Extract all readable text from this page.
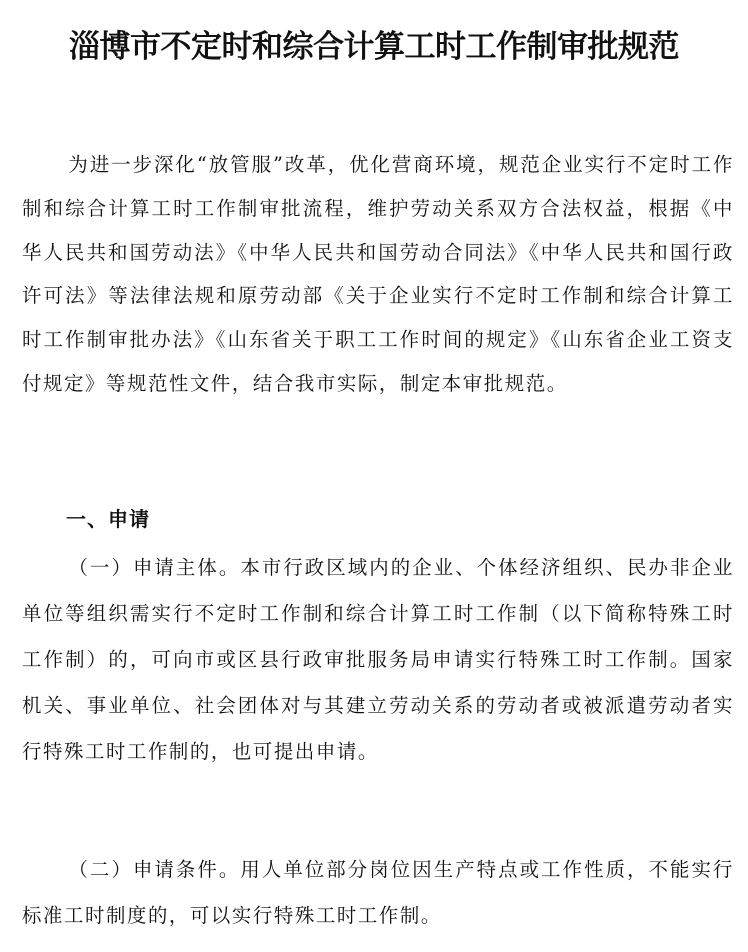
淄博市不定时和综合计算工时工作制审批规范

为进一步深化“放管服”改革，优化营商环境，规范企业实行不定时工作制和综合计算工时工作制审批流程，维护劳动关系双方合法权益，根据《中华人民共和国劳动法》《中华人民共和国劳动合同法》《中华人民共和国行政许可法》等法律法规和原劳动部《关于企业实行不定时工作制和综合计算工时工作制审批办法》《山东省关于职工工作时间的规定》《山东省企业工资支付规定》等规范性文件，结合我市实际，制定本审批规范。

一、申请

（一）申请主体。本市行政区域内的企业、个体经济组织、民办非企业单位等组织需实行不定时工作制和综合计算工时工作制（以下简称特殊工时工作制）的，可向市或区县行政审批服务局申请实行特殊工时工作制。国家机关、事业单位、社会团体对与其建立劳动关系的劳动者或被派遣劳动者实行特殊工时工作制的，也可提出申请。

（二）申请条件。用人单位部分岗位因生产特点或工作性质，不能实行标准工时制度的，可以实行特殊工时工作制。
